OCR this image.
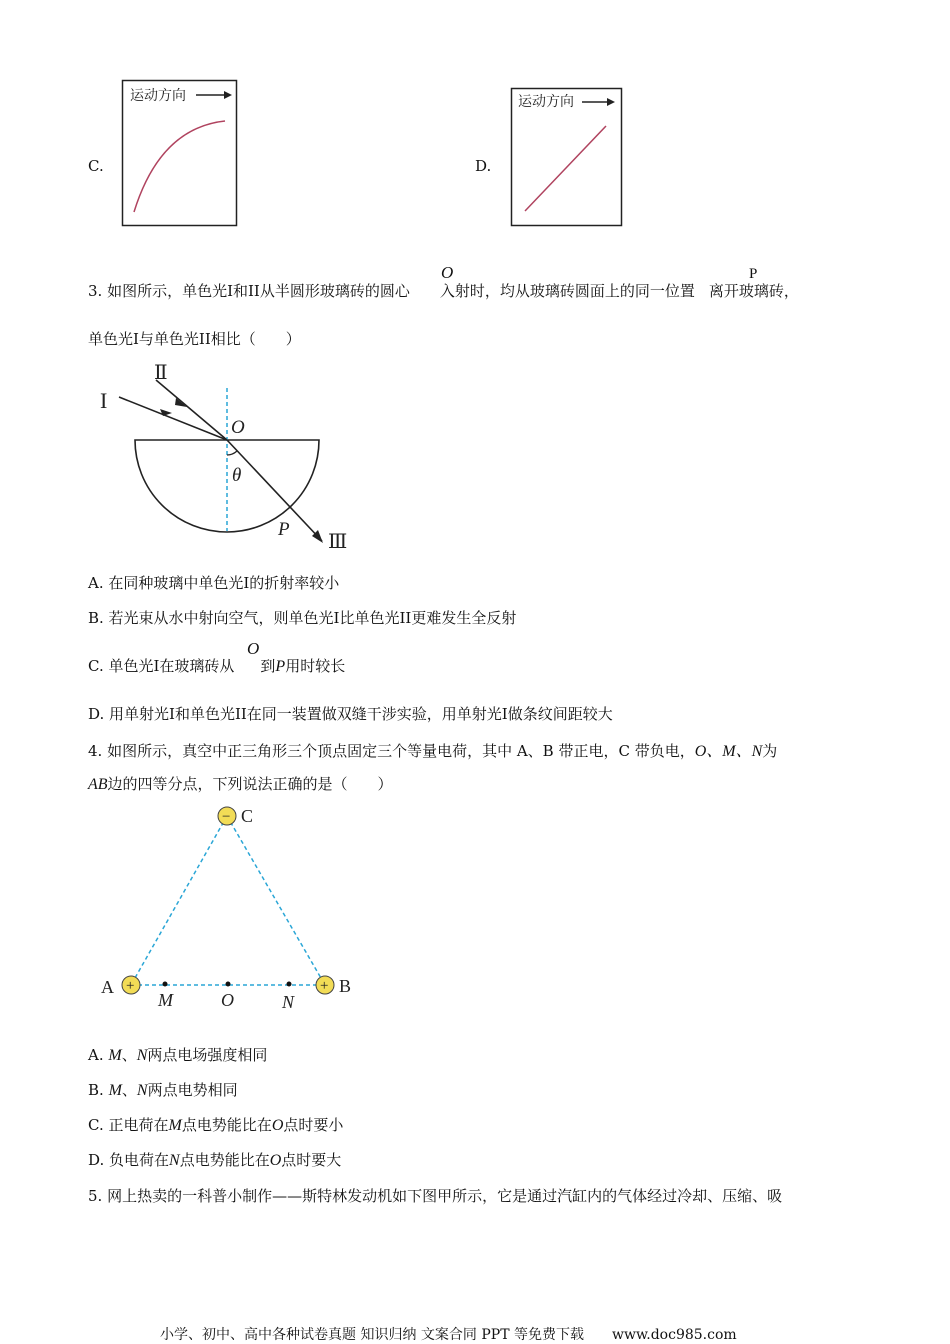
C.
运动方向
D.
运动方向
3. 如图所示，单色光I和II从半圆形玻璃砖的圆心 入射时，均从玻璃砖圆面上的同一位置 离开玻璃砖，
O	P
单色光I与单色光II相比（　　）
I
Ⅱ
Ⅲ
O
θ
P
A. 在同种玻璃中单色光I的折射率较小
B. 若光束从水中射向空气，则单色光I比单色光II更难发生全反射
C. 单色光I在玻璃砖从 到P用时较长
O
D. 用单射光I和单色光II在同一装置做双缝干涉实验，用单射光I做条纹间距较大
4. 如图所示，真空中正三角形三个顶点固定三个等量电荷，其中 A、B 带正电，C 带负电，O、M、N为
AB边的四等分点，下列说法正确的是（　　）
−
+	+
C
A	B
M	O	N
A. M、N两点电场强度相同
B. M、N两点电势相同
C. 正电荷在M点电势能比在O点时要小
D. 负电荷在N点电势能比在O点时要大
5. 网上热卖的一科普小制作——斯特林发动机如下图甲所示，它是通过汽缸内的气体经过冷却、压缩、吸
小学、初中、高中各种试卷真题 知识归纳 文案合同 PPT 等免费下载　　www.doc985.com
